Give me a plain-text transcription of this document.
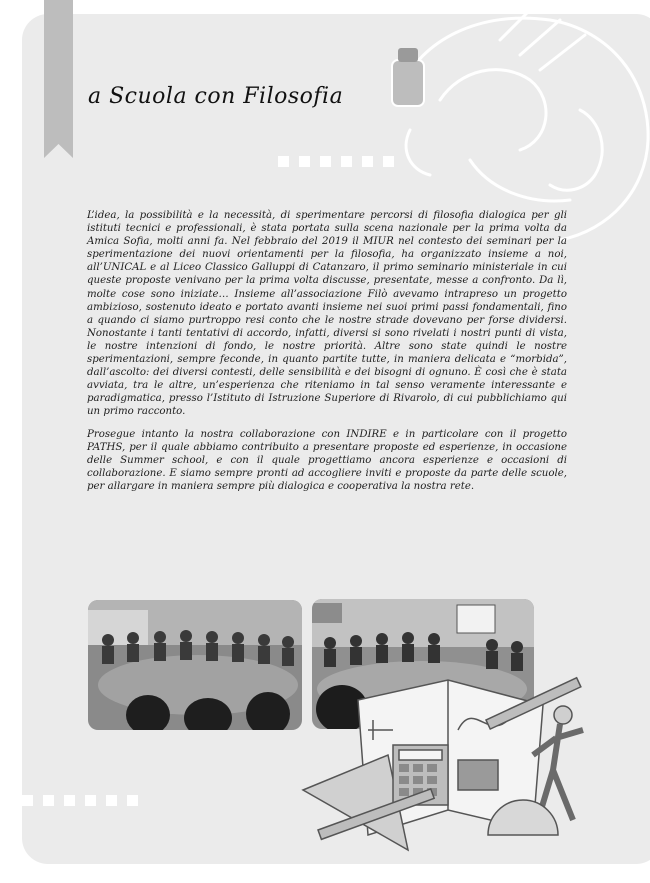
a Scuola con Filosofia

L’idea, la possibilità e la necessità, di sperimentare percorsi di filosofia dialogica per gli istituti tecnici e professionali, è stata portata sulla scena nazionale per la prima volta da Amica Sofia, molti anni fa. Nel febbraio del 2019 il MIUR nel contesto dei seminari per la sperimentazione dei nuovi orientamenti per la filosofia, ha organizzato insieme a noi, all’UNICAL e al Liceo Classico Galluppi di Catanzaro, il primo seminario ministeriale in cui queste proposte venivano per la prima volta discusse, presentate, messe a confronto. Da lì, molte cose sono iniziate… Insieme all’associazione Filò avevamo intrapreso un progetto ambizioso, sostenuto ideato e portato avanti insieme nei suoi primi passi fondamentali, fino a quando ci siamo purtroppo resi conto che le nostre strade dovevano per forse dividersi. Nonostante i tanti tentativi di accordo, infatti, diversi si sono rivelati i nostri punti di vista, le nostre intenzioni di fondo, le nostre priorità. Altre sono state quindi le nostre sperimentazioni, sempre feconde, in quanto partite tutte, in maniera delicata e “morbida”, dall’ascolto: dei diversi contesti, delle sensibilità e dei bisogni di ognuno. È così che è stata avviata, tra le altre, un’esperienza che riteniamo in tal senso veramente interessante e paradigmatica, presso l’Istituto di Istruzione Superiore di Rivarolo, di cui pubblichiamo qui un primo racconto.

Prosegue intanto la nostra collaborazione con INDIRE e in particolare con il progetto PATHS, per il quale abbiamo contribuito a presentare proposte ed esperienze, in occasione delle Summer school, e con il quale progettiamo ancora esperienze e occasioni di collaborazione. E siamo sempre pronti ad accogliere inviti e proposte da parte delle scuole, per allargare in maniera sempre più dialogica e cooperativa la nostra rete.
